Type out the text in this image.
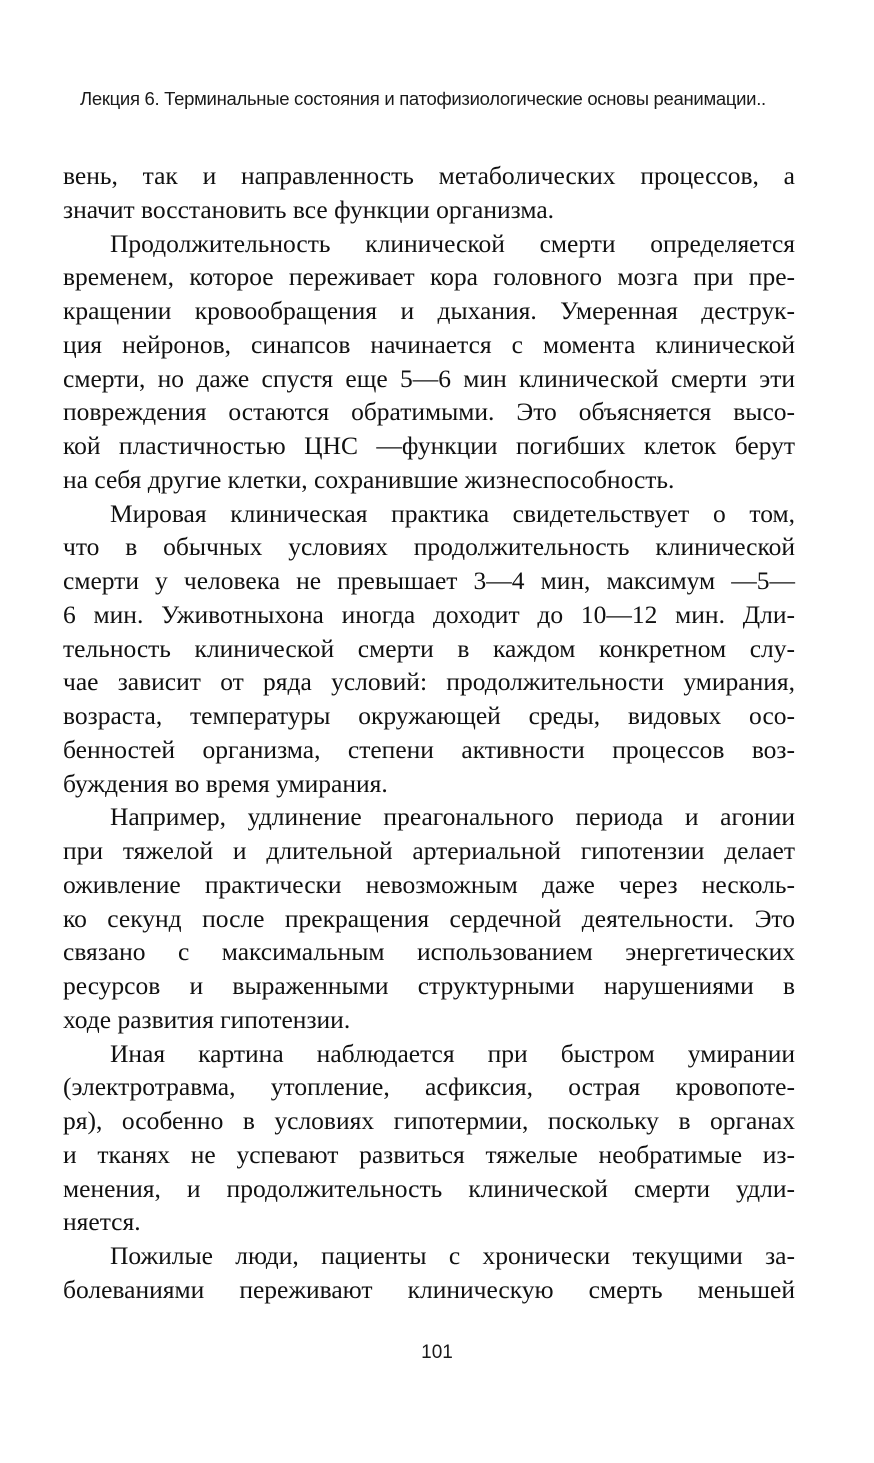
Лекция 6. Терминальные состояния и патофизиологические основы реанимации..
вень, так и направленность метаболических процессов, а
значит восстановить все функции организма.
Продолжительность клинической смерти определяется
временем, которое переживает кора головного мозга при пре-
кращении кровообращения и дыхания. Умеренная деструк-
ция нейронов, синапсов начинается с момента клинической
смерти, но даже спустя еще 5—6 мин клинической смерти эти
повреждения остаются обратимыми. Это объясняется высо-
кой пластичностью ЦНС —функции погибших клеток берут
на себя другие клетки, сохранившие жизнеспособность.
Мировая клиническая практика свидетельствует о том,
что в обычных условиях продолжительность клинической
смерти у человека не превышает 3—4 мин, максимум —5—
6 мин. Уживотныхона иногда доходит до 10—12 мин. Дли-
тельность клинической смерти в каждом конкретном слу-
чае зависит от ряда условий: продолжительности умирания,
возраста, температуры окружающей среды, видовых осо-
бенностей организма, степени активности процессов воз-
буждения во время умирания.
Например, удлинение преагонального периода и агонии
при тяжелой и длительной артериальной гипотензии делает
оживление практически невозможным даже через несколь-
ко секунд после прекращения сердечной деятельности. Это
связано с максимальным использованием энергетических
ресурсов и выраженными структурными нарушениями в
ходе развития гипотензии.
Иная картина наблюдается при быстром умирании
(электротравма, утопление, асфиксия, острая кровопоте-
ря), особенно в условиях гипотермии, поскольку в органах
и тканях не успевают развиться тяжелые необратимые из-
менения, и продолжительность клинической смерти удли-
няется.
Пожилые люди, пациенты с хронически текущими за-
болеваниями переживают клиническую смерть меньшей
101
